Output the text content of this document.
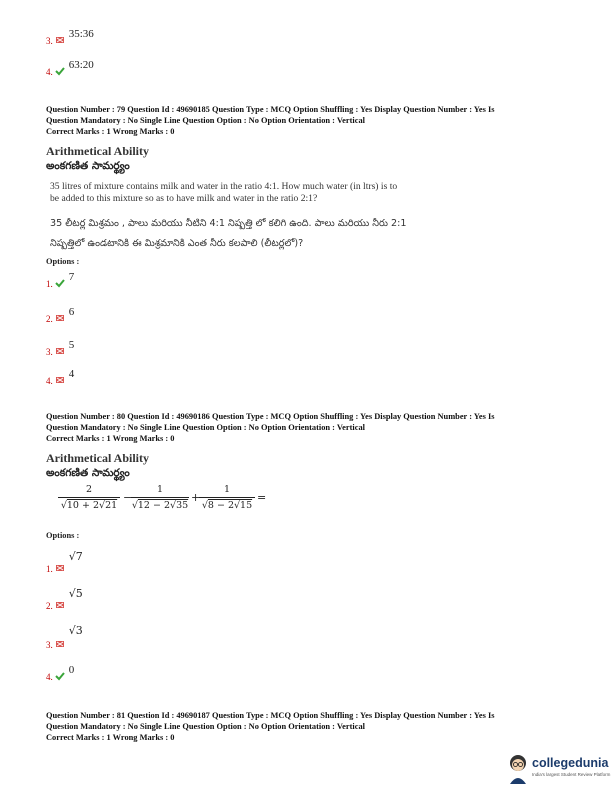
3.
35:36
4.
63:20
Question Number : 79 Question Id : 49690185 Question Type : MCQ Option Shuffling : Yes Display Question Number : Yes Is
Question Mandatory : No Single Line Question Option : No Option Orientation : Vertical
Correct Marks : 1 Wrong Marks : 0
Arithmetical Ability
అంకగణిత సామర్థ్యం
35 litres of mixture contains milk and water in the ratio 4:1. How much water (in ltrs) is to
be added to this mixture so as to have milk and water in the ratio 2:1?
35 లీటర్ల మిశ్రమం , పాలు మరియు నీటిని 4:1 నిష్పత్తి లో కలిగి ఉంది. పాలు మరియు నీరు 2:1
నిష్పత్తిలో ఉండటానికి ఈ మిశ్రమానికి ఎంత నీరు కలపాలి (లీటర్లలో)?
Options :
1.
7
2.
6
3.
5
4.
4
Question Number : 80 Question Id : 49690186 Question Type : MCQ Option Shuffling : Yes Display Question Number : Yes Is
Question Mandatory : No Single Line Question Option : No Option Orientation : Vertical
Correct Marks : 1 Wrong Marks : 0
Arithmetical Ability
అంకగణిత సామర్థ్యం
2
√10 + 2√21
−
1
√12 − 2√35
+
1
√8 − 2√15
=
Options :
1.
√7
2.
√5
3.
√3
4.
0
Question Number : 81 Question Id : 49690187 Question Type : MCQ Option Shuffling : Yes Display Question Number : Yes Is
Question Mandatory : No Single Line Question Option : No Option Orientation : Vertical
Correct Marks : 1 Wrong Marks : 0
collegedunia
India's largest Student Review Platform
